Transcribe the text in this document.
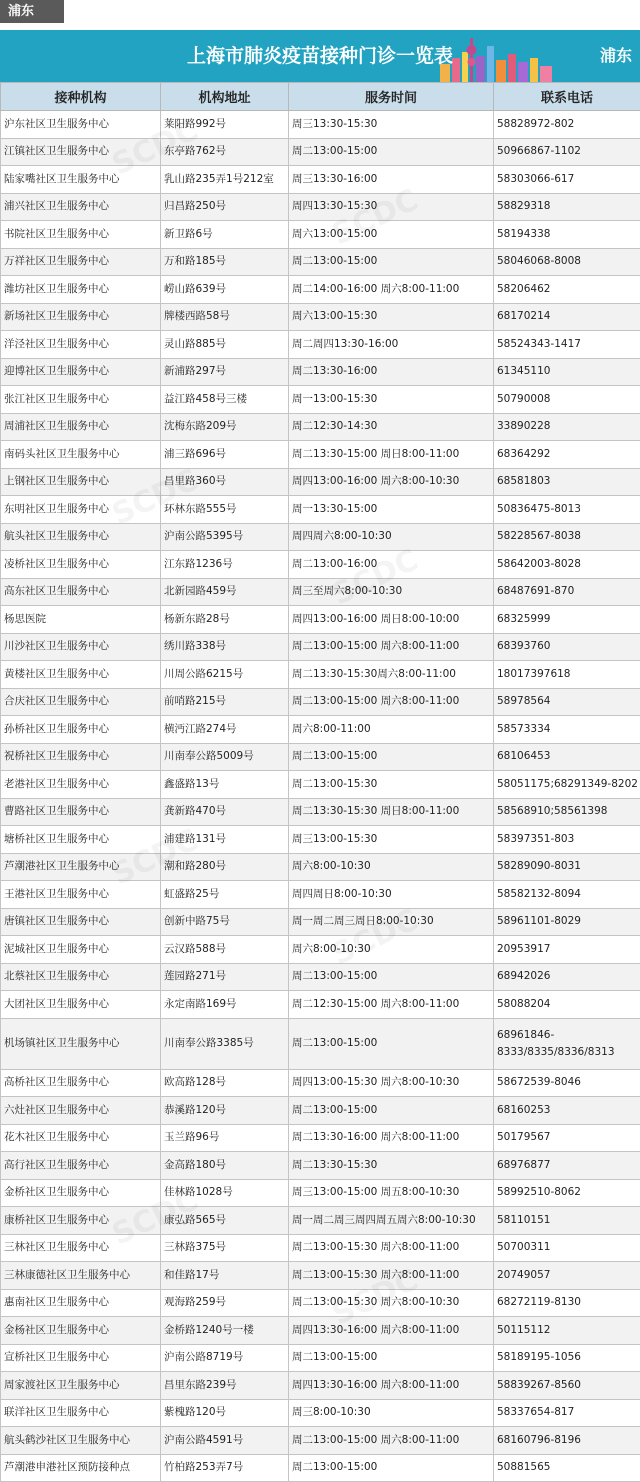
浦东
上海市肺炎疫苗接种门诊一览表	浦东
接种机构	机构地址	服务时间	联系电话
沪东社区卫生服务中心	莱阳路992号	周三13:30-15:30	58828972-802
江镇社区卫生服务中心	东亭路762号	周二13:00-15:00	50966867-1102
陆家嘴社区卫生服务中心	乳山路235弄1号212室	周三13:30-16:00	58303066-617
浦兴社区卫生服务中心	归昌路250号	周四13:30-15:30	58829318
书院社区卫生服务中心	新卫路6号	周六13:00-15:00	58194338
万祥社区卫生服务中心	万和路185号	周二13:00-15:00	58046068-8008
潍坊社区卫生服务中心	崂山路639号	周二14:00-16:00 周六8:00-11:00	58206462
新场社区卫生服务中心	牌楼西路58号	周六13:00-15:30	68170214
洋泾社区卫生服务中心	灵山路885号	周二周四13:30-16:00	58524343-1417
迎博社区卫生服务中心	新浦路297号	周二13:30-16:00	61345110
张江社区卫生服务中心	益江路458号三楼	周一13:00-15:30	50790008
周浦社区卫生服务中心	沈梅东路209号	周二12:30-14:30	33890228
南码头社区卫生服务中心	浦三路696号	周二13:30-15:00 周日8:00-11:00	68364292
上钢社区卫生服务中心	昌里路360号	周四13:00-16:00 周六8:00-10:30	68581803
东明社区卫生服务中心	环林东路555号	周一13:30-15:00	50836475-8013
航头社区卫生服务中心	沪南公路5395号	周四周六8:00-10:30	58228567-8038
凌桥社区卫生服务中心	江东路1236号	周二13:00-16:00	58642003-8028
高东社区卫生服务中心	北新园路459号	周三至周六8:00-10:30	68487691-870
杨思医院	杨新东路28号	周四13:00-16:00 周日8:00-10:00	68325999
川沙社区卫生服务中心	绣川路338号	周二13:00-15:00 周六8:00-11:00	68393760
黄楼社区卫生服务中心	川周公路6215号	周二13:30-15:30周六8:00-11:00	18017397618
合庆社区卫生服务中心	前哨路215号	周二13:00-15:00 周六8:00-11:00	58978564
孙桥社区卫生服务中心	横沔江路274号	周六8:00-11:00	58573334
祝桥社区卫生服务中心	川南奉公路5009号	周二13:00-15:00	68106453
老港社区卫生服务中心	鑫盛路13号	周二13:00-15:30	58051175;68291349-8202
曹路社区卫生服务中心	龚新路470号	周二13:30-15:30 周日8:00-11:00	58568910;58561398
塘桥社区卫生服务中心	浦建路131号	周三13:00-15:30	58397351-803
芦潮港社区卫生服务中心	潮和路280号	周六8:00-10:30	58289090-8031
王港社区卫生服务中心	虹盛路25号	周四周日8:00-10:30	58582132-8094
唐镇社区卫生服务中心	创新中路75号	周一周二周三周日8:00-10:30	58961101-8029
泥城社区卫生服务中心	云汉路588号	周六8:00-10:30	20953917
北蔡社区卫生服务中心	莲园路271号	周二13:00-15:00	68942026
大团社区卫生服务中心	永定南路169号	周二12:30-15:00 周六8:00-11:00	58088204
机场镇社区卫生服务中心	川南奉公路3385号	周二13:00-15:00	68961846-8333/8335/8336/8313
高桥社区卫生服务中心	欧高路128号	周四13:00-15:30 周六8:00-10:30	58672539-8046
六灶社区卫生服务中心	恭溪路120号	周二13:00-15:00	68160253
花木社区卫生服务中心	玉兰路96号	周二13:30-16:00 周六8:00-11:00	50179567
高行社区卫生服务中心	金高路180号	周二13:30-15:30	68976877
金桥社区卫生服务中心	佳林路1028号	周三13:00-15:00 周五8:00-10:30	58992510-8062
康桥社区卫生服务中心	康弘路565号	周一周二周三周四周五周六8:00-10:30	58110151
三林社区卫生服务中心	三林路375号	周二13:00-15:30 周六8:00-11:00	50700311
三林康德社区卫生服务中心	和佳路17号	周二13:00-15:30 周六8:00-11:00	20749057
惠南社区卫生服务中心	观海路259号	周二13:00-15:30 周六8:00-10:30	68272119-8130
金杨社区卫生服务中心	金桥路1240号一楼	周四13:30-16:00 周六8:00-11:00	50115112
宣桥社区卫生服务中心	沪南公路8719号	周二13:00-15:00	58189195-1056
周家渡社区卫生服务中心	昌里东路239号	周四13:30-16:00 周六8:00-11:00	58839267-8560
联洋社区卫生服务中心	紫槐路120号	周三8:00-10:30	58337654-817
航头鹤沙社区卫生服务中心	沪南公路4591号	周二13:00-15:00 周六8:00-11:00	68160796-8196
芦潮港申港社区预防接种点	竹柏路253弄7号	周二13:00-15:00	50881565
